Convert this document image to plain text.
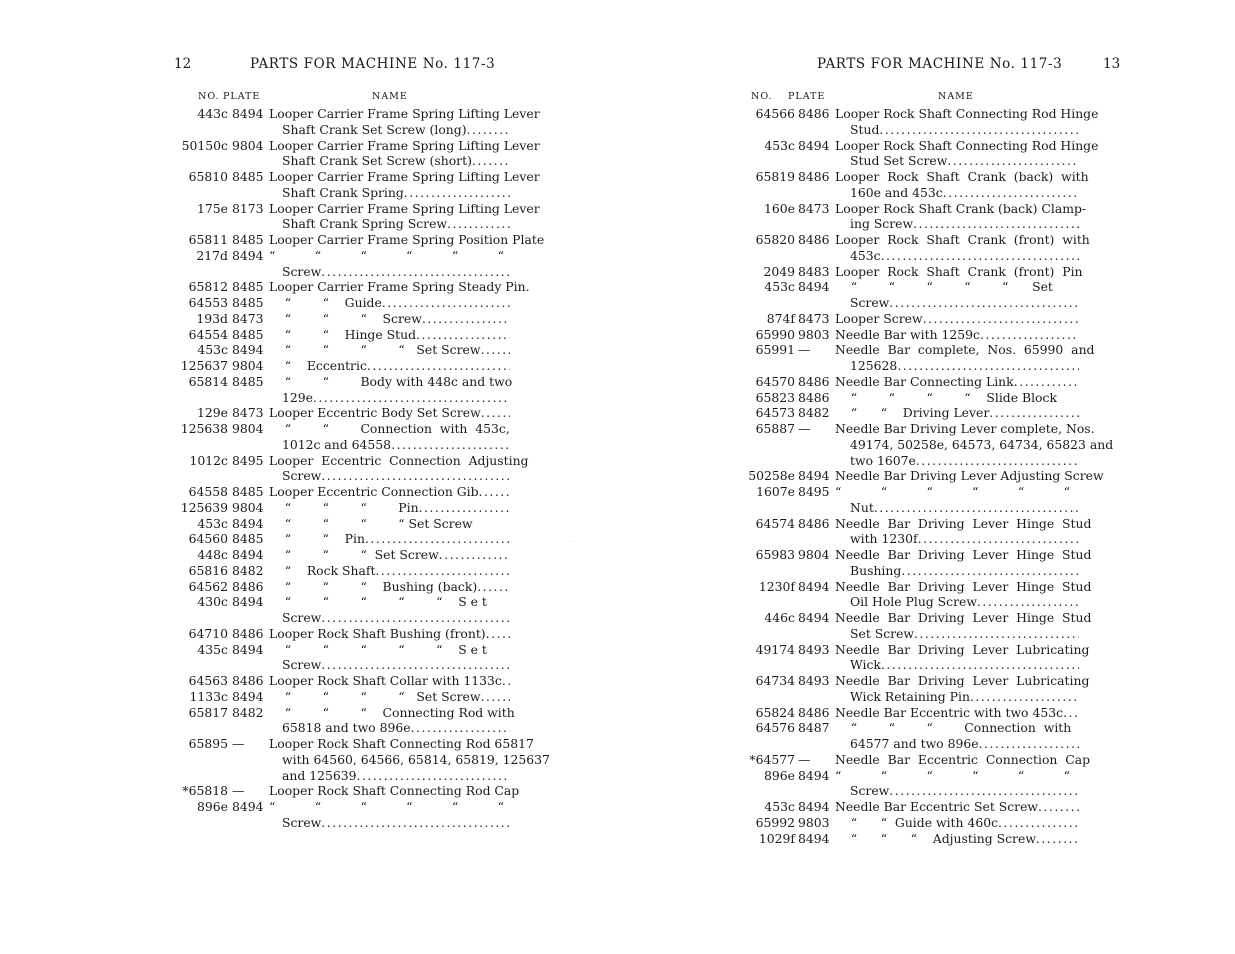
12	PARTS FOR MACHINE No. 117-3
NO. PLATE	NAME
443c 8494 Looper Carrier Frame Spring Lifting Lever
Shaft Crank Set Screw (long)
.....
50150c 9804 Looper Carrier Frame Spring Lifting Lever
Shaft Crank Set Screw (short)
.....
65810 8485 Looper Carrier Frame Spring Lifting Lever
Shaft Crank Spring
.....
175e 8173 Looper Carrier Frame Spring Lifting Lever
Shaft Crank Spring Screw
.....
65811 8485 Looper Carrier Frame Spring Position Plate
217d 8494 “          “          “          “          “          “
Screw
.....
65812 8485 Looper Carrier Frame Spring Steady Pin.
64553 8485 “        “    Guide
.....
193d 8473 “        “        “    Screw
.....
64554 8485 “        “    Hinge Stud
.....
453c 8494 “        “        “        “   Set Screw
.....
125637 9804 “    Eccentric
.....
65814 8485 “        “        Body with 448c and two
129e
.....
129e 8473 Looper Eccentric Body Set Screw
.....
125638 9804 “        “        Connection  with  453c,
1012c and 64558
.....
1012c 8495 Looper  Eccentric  Connection  Adjusting
Screw
.....
64558 8485 Looper Eccentric Connection Gib
.....
125639 9804 “        “        “        Pin
.....
453c 8494 “        “        “        “ Set Screw
64560 8485 “        “    Pin
.....
448c 8494 “        “        “  Set Screw
.....
65816 8482 “    Rock Shaft
.....
64562 8486 “        “        “    Bushing (back)
.....
430c 8494 “        “        “        “        “    S e t
Screw
.....
64710 8486 Looper Rock Shaft Bushing (front)
.....
435c 8494 “        “        “        “        “    S e t
Screw
.....
64563 8486 Looper Rock Shaft Collar with 1133c
.....
1133c 8494 “        “        “        “   Set Screw
.....
65817 8482 “        “        “    Connecting Rod with
65818 and two 896e
.....
65895 —	Looper Rock Shaft Connecting Rod 65817
with 64560, 64566, 65814, 65819, 125637
and 125639
.....
*65818 —	Looper Rock Shaft Connecting Rod Cap
896e 8494 “          “          “          “          “          “
Screw
.....
PARTS FOR MACHINE No. 117-3	13
NO. PLATE	NAME
64566 8486 Looper Rock Shaft Connecting Rod Hinge
Stud
.....
453c 8494 Looper Rock Shaft Connecting Rod Hinge
Stud Set Screw
.....
65819 8486 Looper  Rock  Shaft  Crank  (back)  with
160e and 453c
.....
160e 8473 Looper Rock Shaft Crank (back) Clamp-
ing Screw
.....
65820 8486 Looper  Rock  Shaft  Crank  (front)  with
453c
.....
2049 8483 Looper  Rock  Shaft  Crank  (front)  Pin
453c 8494 “        “        “        “        “      Set
Screw
.....
874f 8473 Looper Screw
.....
65990 9803 Needle Bar with 1259c
.....
65991 —	Needle  Bar  complete,  Nos.  65990  and
125628
.....
64570 8486 Needle Bar Connecting Link
.....
65823 8486 “        “        “        “    Slide Block
64573 8482 “      “    Driving Lever
.....
65887 —	Needle Bar Driving Lever complete, Nos.
49174, 50258e, 64573, 64734, 65823 and
two 1607e
.....
50258e 8494 Needle Bar Driving Lever Adjusting Screw
1607e 8495 “          “          “          “          “          “
Nut
.....
64574 8486 Needle  Bar  Driving  Lever  Hinge  Stud
with 1230f
.....
65983 9804 Needle  Bar  Driving  Lever  Hinge  Stud
Bushing
.....
1230f 8494 Needle  Bar  Driving  Lever  Hinge  Stud
Oil Hole Plug Screw
.....
446c 8494 Needle  Bar  Driving  Lever  Hinge  Stud
Set Screw
.....
49174 8493 Needle  Bar  Driving  Lever  Lubricating
Wick
.....
64734 8493 Needle  Bar  Driving  Lever  Lubricating
Wick Retaining Pin
.....
65824 8486 Needle Bar Eccentric with two 453c
.....
64576 8487 “        “        “        Connection  with
64577 and two 896e
.....
*64577 —	Needle  Bar  Eccentric  Connection  Cap
896e 8494 “          “          “          “          “          “
Screw
.....
453c 8494 Needle Bar Eccentric Set Screw
.....
65992 9803 “      “  Guide with 460c
.....
1029f 8494 “      “      “    Adjusting Screw
.....
